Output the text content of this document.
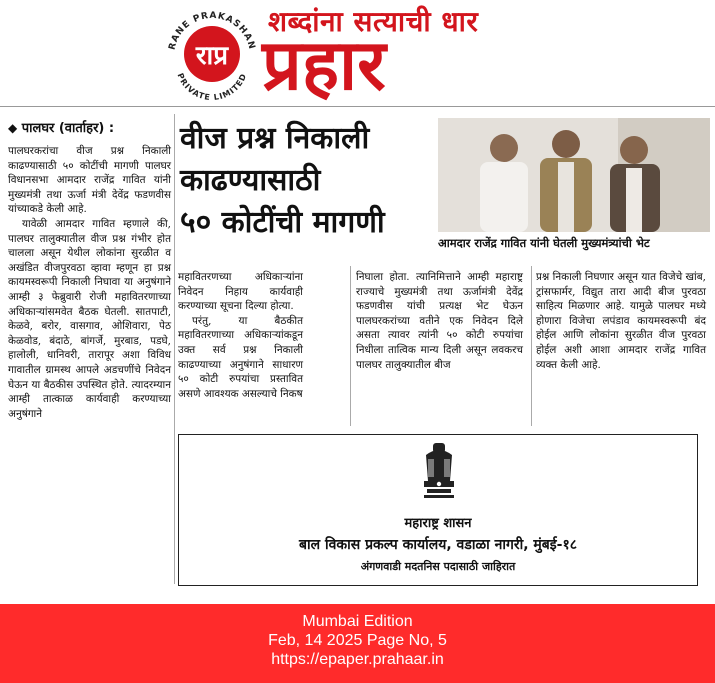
राप्र
RANE PRAKASHAN
PRIVATE LIMITED
शब्दांना सत्याची धार
प्रहार
◆ पालघर (वार्ताहर) :

पालघरकरांचा वीज प्रश्न निकाली काढण्यासाठी ५० कोटींची मागणी पालघर विधानसभा आमदार राजेंद्र गावित यांनी मुख्यमंत्री तथा ऊर्जा मंत्री देवेंद्र फडणवीस यांच्याकडे केली आहे.

यावेळी आमदार गावित म्हणाले की, पालघर तालुक्यातील वीज प्रश्न गंभीर होत चालला असून येथील लोकांना सुरळीत व अखंडित वीजपुरवठा व्हावा म्हणून हा प्रश्न कायमस्वरूपी निकाली निघावा या अनुषंगाने आम्ही ३ फेब्रुवारी रोजी महावितरणाच्या अधिकाऱ्यांसमवेत बैठक घेतली. सातपाटी, केळवे, बरोर, वासगाव, ओशिवारा, पेठ केळवोड, बंदाठे, बांगर्जे, मुरबाड, पडघे, हालोली, धानिवरी, तारापूर अशा विविध गावातील ग्रामस्थ आपले अडचणींचे निवेदन घेऊन या बैठकीस उपस्थित होते. त्यादरम्यान आम्ही तात्काळ कार्यवाही करण्याच्या अनुषंगाने

वीज प्रश्न निकाली
काढण्यासाठी
५० कोटींची मागणी
आमदार राजेंद्र गावित यांनी घेतली मुख्यमंत्र्यांची भेट

महावितरणच्या अधिकाऱ्यांना निवेदन निहाय कार्यवाही करण्याच्या सूचना दिल्या होत्या.

परंतु, या बैठकीत महावितरणाच्या अधिकाऱ्यांकडून उक्त सर्व प्रश्न निकाली काढण्याच्या अनुषंगाने साधारण ५० कोटी रुपयांचा प्रस्तावित असणे आवश्यक असल्याचे निकष

निघाला होता. त्यानिमित्ताने आम्ही महाराष्ट्र राज्याचे मुख्यमंत्री तथा ऊर्जामंत्री देवेंद्र फडणवीस यांची प्रत्यक्ष भेट घेऊन पालघरकरांच्या वतीने एक निवेदन दिले असता त्यावर त्यांनी ५० कोटी रुपयांचा निधीला तात्विक मान्य दिली असून लवकरच पालघर तालुक्यातील बीज

प्रश्न निकाली निघणार असून यात विजेचे खांब, ट्रांसफार्मर, विद्युत तारा आदी बीज पुरवठा साहित्य मिळणार आहे. यामुळे पालघर मध्ये होणारा विजेचा लपंडाव कायमस्वरूपी बंद होईल आणि लोकांना सुरळीत वीज पुरवठा होईल अशी आशा आमदार राजेंद्र गावित व्यक्त केली आहे.

महाराष्ट्र शासन
बाल विकास प्रकल्प कार्यालय, वडाळा नागरी, मुंबई-१८
अंगणवाडी मदतनिस पदासाठी जाहिरात
Mumbai Edition
Feb, 14 2025 Page No, 5
https://epaper.prahaar.in
